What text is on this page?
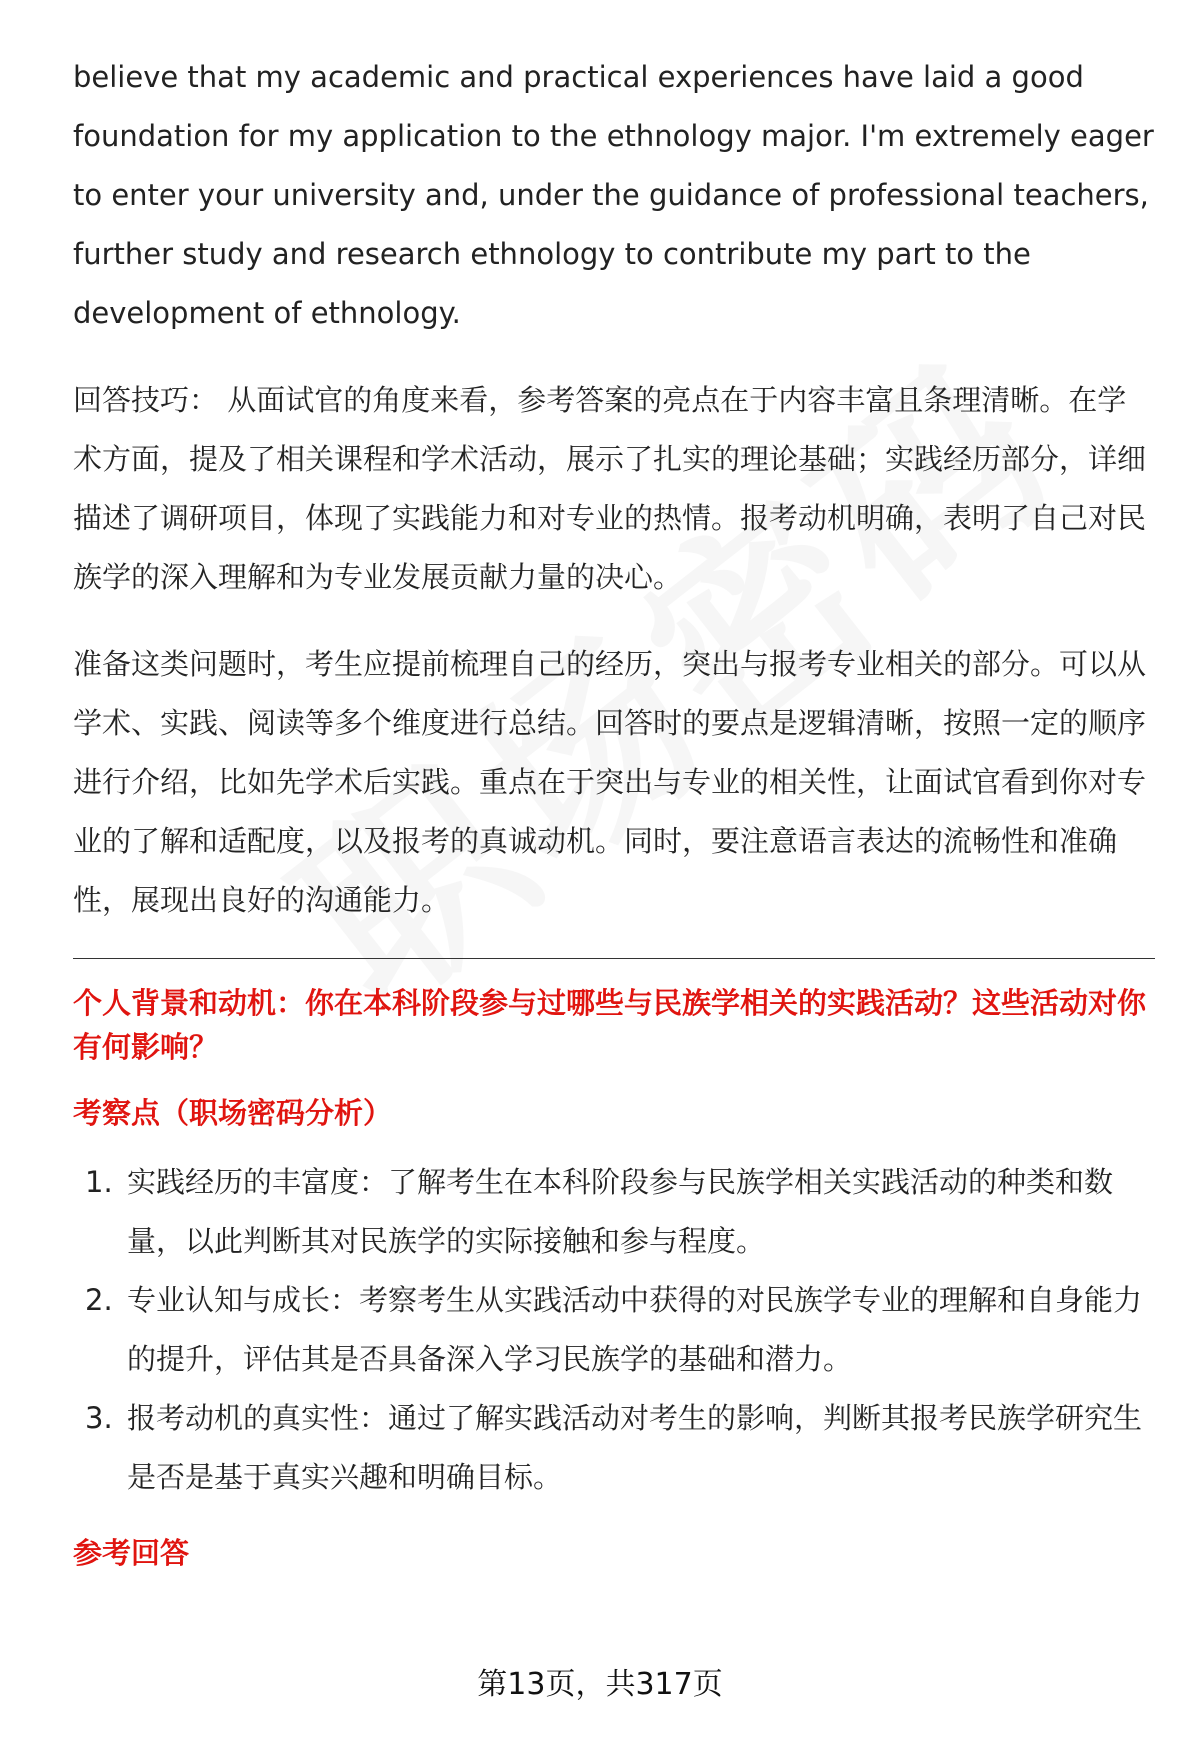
believe that my academic and practical experiences have laid a good foundation for my application to the ethnology major. I'm extremely eager to enter your university and, under the guidance of professional teachers, further study and research ethnology to contribute my part to the development of ethnology.

回答技巧： 从面试官的角度来看，参考答案的亮点在于内容丰富且条理清晰。在学术方面，提及了相关课程和学术活动，展示了扎实的理论基础；实践经历部分，详细描述了调研项目，体现了实践能力和对专业的热情。报考动机明确，表明了自己对民族学的深入理解和为专业发展贡献力量的决心。

准备这类问题时，考生应提前梳理自己的经历，突出与报考专业相关的部分。可以从学术、实践、阅读等多个维度进行总结。回答时的要点是逻辑清晰，按照一定的顺序进行介绍，比如先学术后实践。重点在于突出与专业的相关性，让面试官看到你对专业的了解和适配度，以及报考的真诚动机。同时，要注意语言表达的流畅性和准确性，展现出良好的沟通能力。

个人背景和动机：你在本科阶段参与过哪些与民族学相关的实践活动？这些活动对你有何影响？
考察点（职场密码分析）
1. 实践经历的丰富度：了解考生在本科阶段参与民族学相关实践活动的种类和数量，以此判断其对民族学的实际接触和参与程度。
2. 专业认知与成长：考察考生从实践活动中获得的对民族学专业的理解和自身能力的提升，评估其是否具备深入学习民族学的基础和潜力。
3. 报考动机的真实性：通过了解实践活动对考生的影响，判断其报考民族学研究生是否是基于真实兴趣和明确目标。
参考回答
第13页，共317页
